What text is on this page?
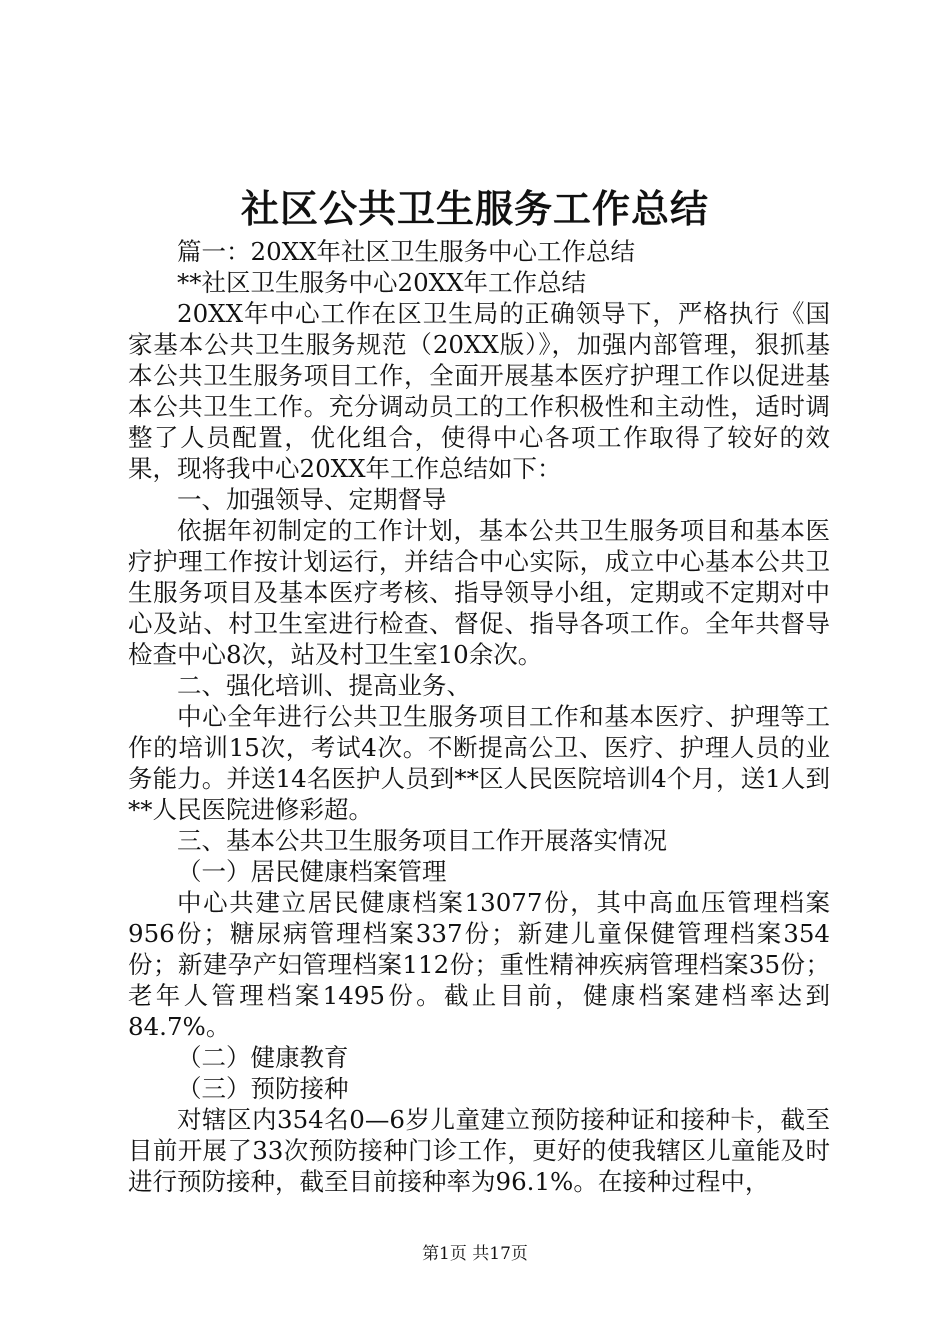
社区公共卫生服务工作总结

篇一：20XX年社区卫生服务中心工作总结

**社区卫生服务中心20XX年工作总结

20XX年中心工作在区卫生局的正确领导下，严格执行《国家基本公共卫生服务规范（20XX版）》，加强内部管理，狠抓基本公共卫生服务项目工作，全面开展基本医疗护理工作以促进基本公共卫生工作。充分调动员工的工作积极性和主动性，适时调整了人员配置，优化组合，使得中心各项工作取得了较好的效果，现将我中心20XX年工作总结如下：

一、加强领导、定期督导

依据年初制定的工作计划，基本公共卫生服务项目和基本医疗护理工作按计划运行，并结合中心实际，成立中心基本公共卫生服务项目及基本医疗考核、指导领导小组，定期或不定期对中心及站、村卫生室进行检查、督促、指导各项工作。全年共督导检查中心8次，站及村卫生室10余次。

二、强化培训、提高业务、

中心全年进行公共卫生服务项目工作和基本医疗、护理等工作的培训15次，考试4次。不断提高公卫、医疗、护理人员的业务能力。并送14名医护人员到**区人民医院培训4个月，送1人到**人民医院进修彩超。

三、基本公共卫生服务项目工作开展落实情况

（一）居民健康档案管理

中心共建立居民健康档案13077份，其中高血压管理档案956份；糖尿病管理档案337份；新建儿童保健管理档案354份；新建孕产妇管理档案112份；重性精神疾病管理档案35份；老年人管理档案1495份。截止目前，健康档案建档率达到84.7%。

（二）健康教育

（三）预防接种

对辖区内354名0—6岁儿童建立预防接种证和接种卡，截至目前开展了33次预防接种门诊工作，更好的使我辖区儿童能及时进行预防接种，截至目前接种率为96.1%。在接种过程中，

第1页 共17页
